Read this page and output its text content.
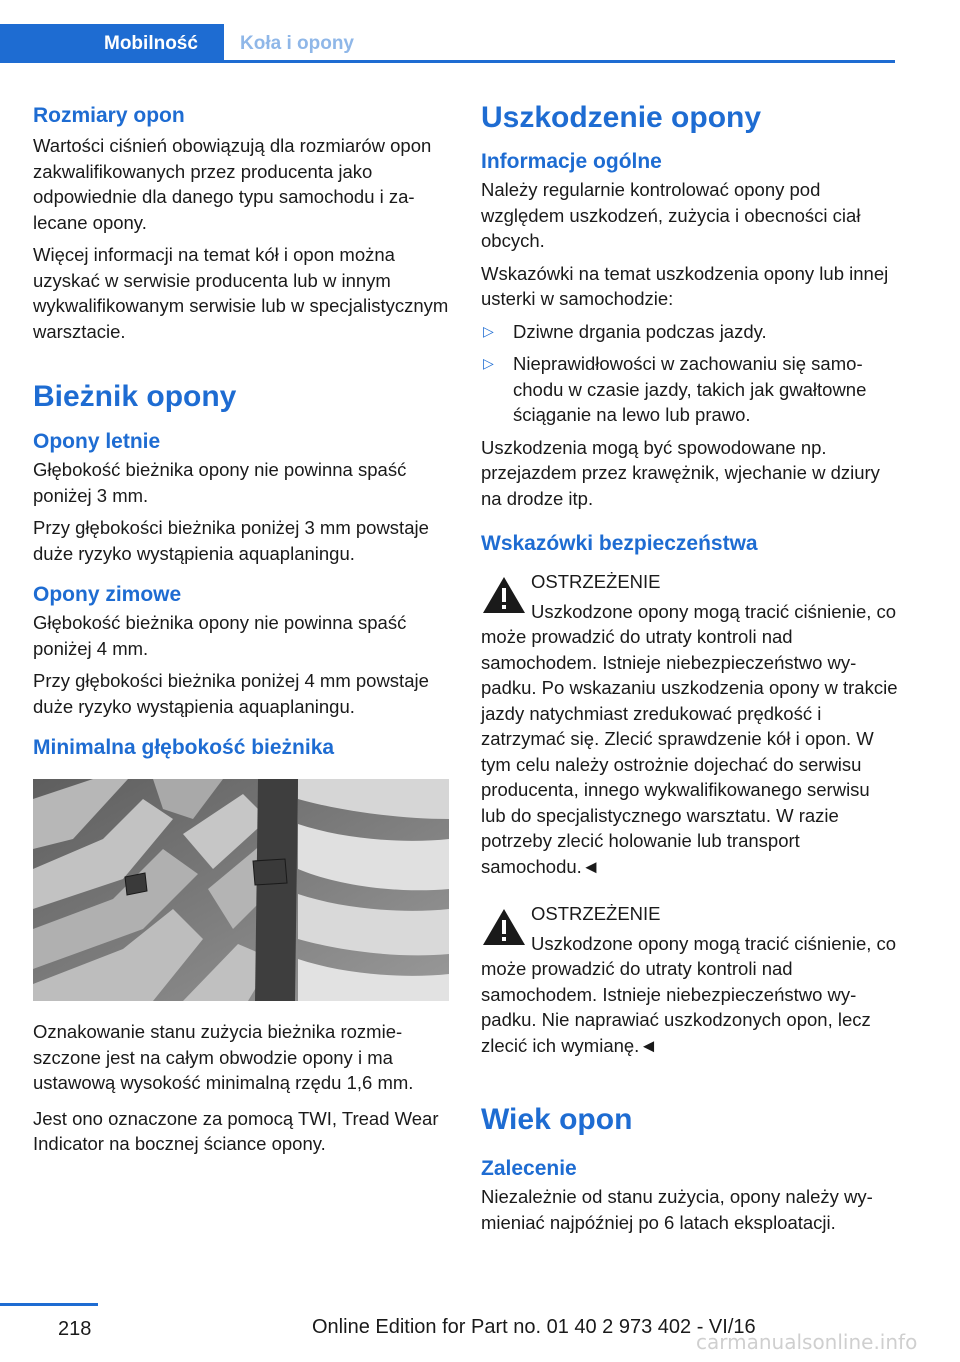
Mobilność	Koła i opony
Rozmiary opon

Wartości ciśnień obowiązują dla rozmiarów opon zakwalifikowanych przez producenta jako odpowiednie dla danego typu samochodu i zalecane opony.

Więcej informacji na temat kół i opon można uzyskać w serwisie producenta lub w innym wykwalifikowanym serwisie lub w specjalistycznym warsztacie.

Bieżnik opony
Opony letnie

Głębokość bieżnika opony nie powinna spaść poniżej 3 mm.

Przy głębokości bieżnika poniżej 3 mm powstaje duże ryzyko wystąpienia aquaplaningu.

Opony zimowe

Głębokość bieżnika opony nie powinna spaść poniżej 4 mm.

Przy głębokości bieżnika poniżej 4 mm powstaje duże ryzyko wystąpienia aquaplaningu.

Minimalna głębokość bieżnika

Oznakowanie stanu zużycia bieżnika rozmieszczone jest na całym obwodzie opony i ma ustawową wysokość minimalną rzędu 1,6 mm.

Jest ono oznaczone za pomocą TWI, Tread Wear Indicator na bocznej ściance opony.

Uszkodzenie opony
Informacje ogólne

Należy regularnie kontrolować opony pod względem uszkodzeń, zużycia i obecności ciał obcych.

Wskazówki na temat uszkodzenia opony lub innej usterki w samochodzie:

▷	Dziwne drgania podczas jazdy.
▷	Nieprawidłowości w zachowaniu się samochodu w czasie jazdy, takich jak gwałtowne ściąganie na lewo lub prawo.

Uszkodzenia mogą być spowodowane np. przejazdem przez krawężnik, wjechanie w dziury na drodze itp.

Wskazówki bezpieczeństwa
OSTRZEŻENIE
Uszkodzone opony mogą tracić ciśnienie, co może prowadzić do utraty kontroli nad samochodem. Istnieje niebezpieczeństwo wypadku. Po wskazaniu uszkodzenia opony w trakcie jazdy natychmiast zredukować prędkość i zatrzymać się. Zlecić sprawdzenie kół i opon. W tym celu należy ostrożnie dojechać do serwisu producenta, innego wykwalifikowanego serwisu lub do specjalistycznego warsztatu. W razie potrzeby zlecić holowanie lub transport samochodu.◄
OSTRZEŻENIE
Uszkodzone opony mogą tracić ciśnienie, co może prowadzić do utraty kontroli nad samochodem. Istnieje niebezpieczeństwo wypadku. Nie naprawiać uszkodzonych opon, lecz zlecić ich wymianę.◄
Wiek opon
Zalecenie

Niezależnie od stanu zużycia, opony należy wymieniać najpóźniej po 6 latach eksploatacji.

218	Online Edition for Part no. 01 40 2 973 402 - VI/16
carmanualsonline.info
